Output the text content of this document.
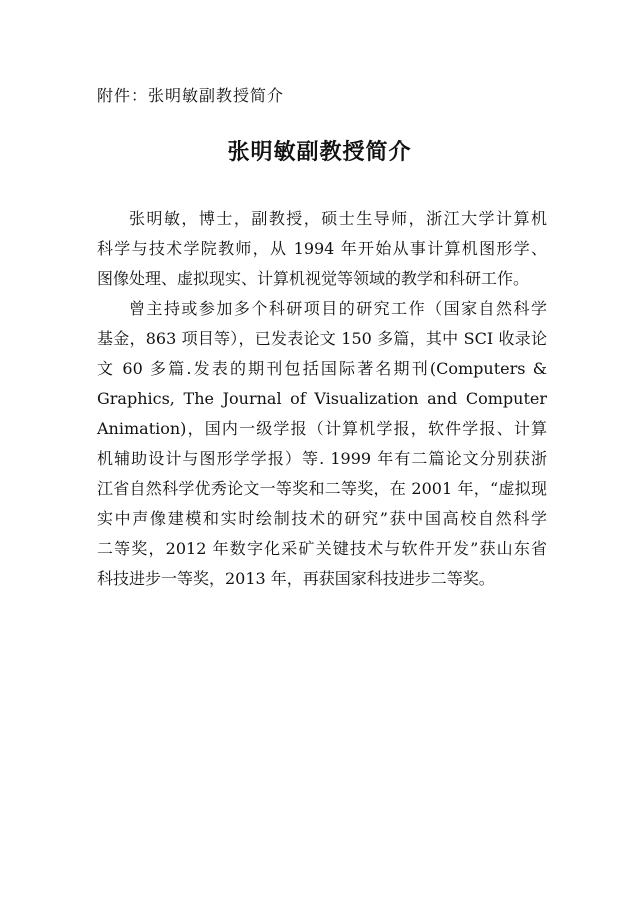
附件：张明敏副教授简介
张明敏副教授简介
张明敏，博士，副教授，硕士生导师，浙江大学计算机
科学与技术学院教师，从 1994 年开始从事计算机图形学、
图像处理、虚拟现实、计算机视觉等领域的教学和科研工作。
曾主持或参加多个科研项目的研究工作（国家自然科学
基金，863 项目等），已发表论文 150 多篇，其中 SCI 收录论
文 60 多篇.发表的期刊包括国际著名期刊(Computers &
Graphics, The Journal of Visualization and Computer
Animation)，国内一级学报（计算机学报，软件学报、计算
机辅助设计与图形学学报）等. 1999 年有二篇论文分别获浙
江省自然科学优秀论文一等奖和二等奖，在 2001 年，“虚拟现
实中声像建模和实时绘制技术的研究”获中国高校自然科学
二等奖，2012 年数字化采矿关键技术与软件开发”获山东省
科技进步一等奖，2013 年，再获国家科技进步二等奖。
